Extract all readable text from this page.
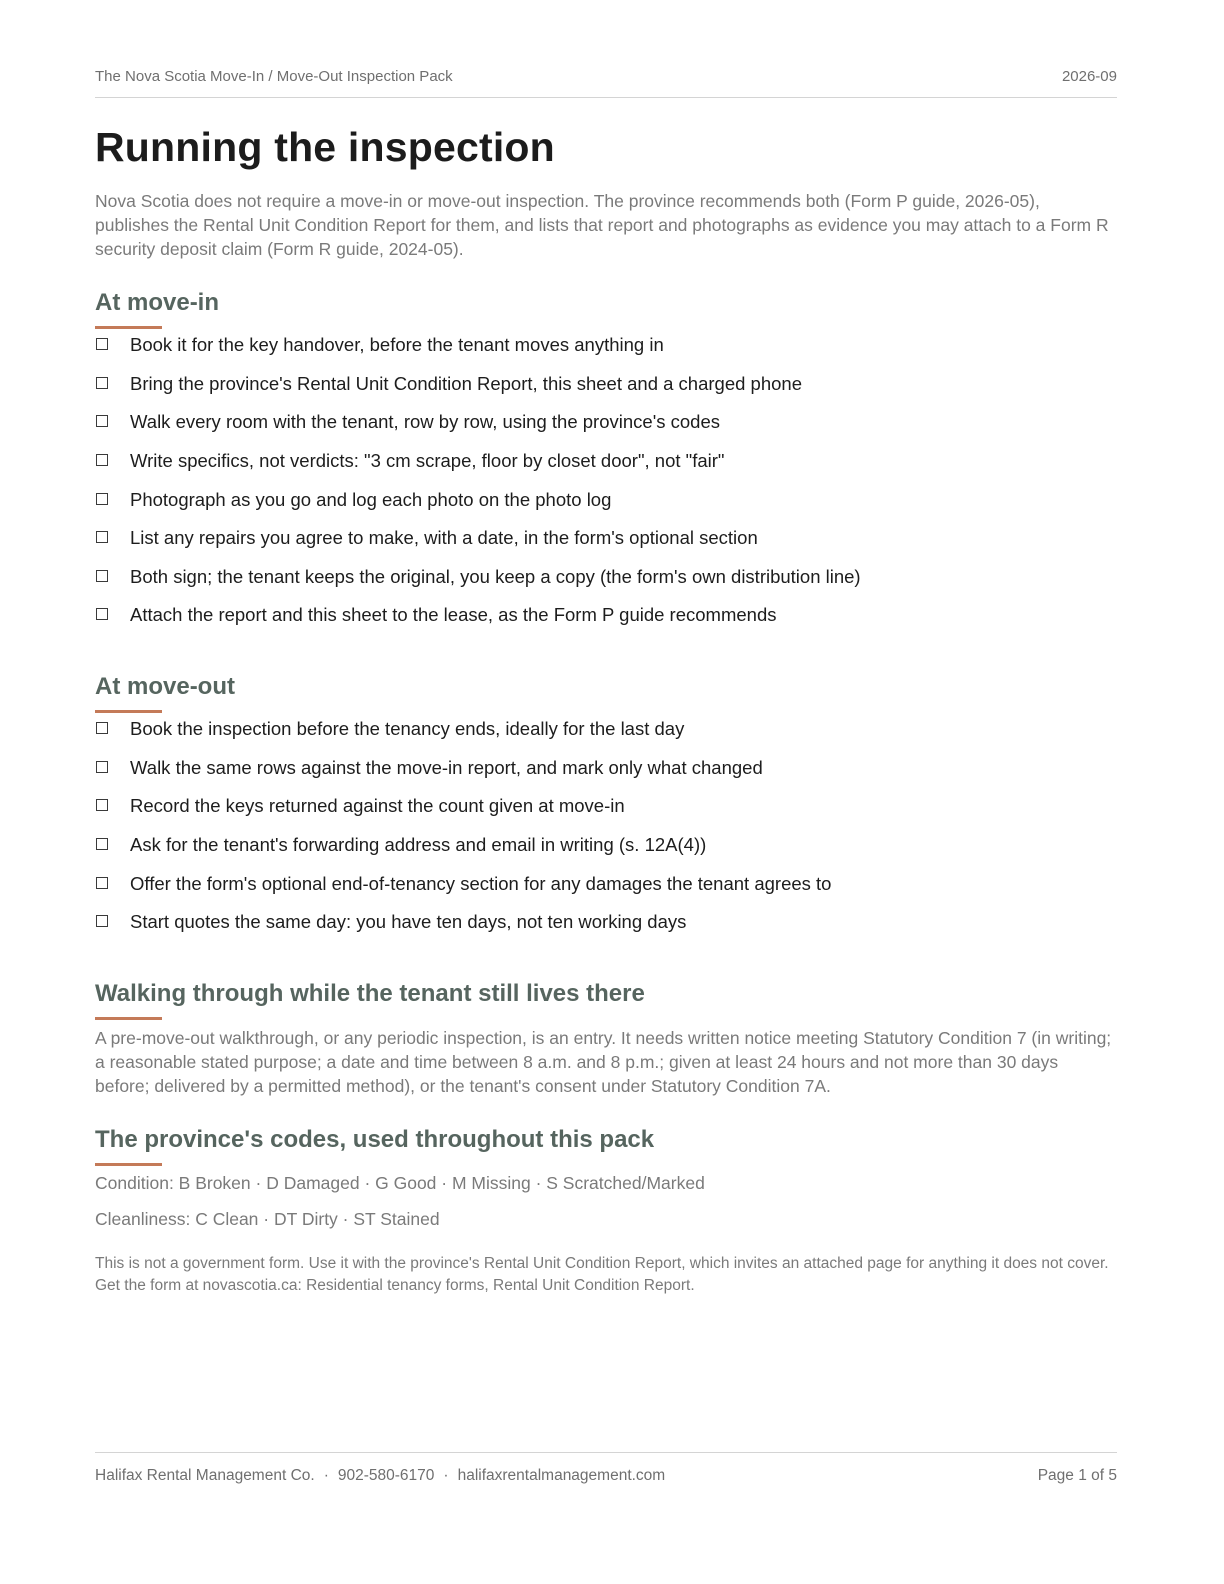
The Nova Scotia Move-In / Move-Out Inspection Pack	2026-09
Running the inspection

Nova Scotia does not require a move-in or move-out inspection. The province recommends both (Form P guide, 2026-05), publishes the Rental Unit Condition Report for them, and lists that report and photographs as evidence you may attach to a Form R security deposit claim (Form R guide, 2024-05).

At move-in
Book it for the key handover, before the tenant moves anything in
Bring the province's Rental Unit Condition Report, this sheet and a charged phone
Walk every room with the tenant, row by row, using the province's codes
Write specifics, not verdicts: "3 cm scrape, floor by closet door", not "fair"
Photograph as you go and log each photo on the photo log
List any repairs you agree to make, with a date, in the form's optional section
Both sign; the tenant keeps the original, you keep a copy (the form's own distribution line)
Attach the report and this sheet to the lease, as the Form P guide recommends
At move-out
Book the inspection before the tenancy ends, ideally for the last day
Walk the same rows against the move-in report, and mark only what changed
Record the keys returned against the count given at move-in
Ask for the tenant's forwarding address and email in writing (s. 12A(4))
Offer the form's optional end-of-tenancy section for any damages the tenant agrees to
Start quotes the same day: you have ten days, not ten working days
Walking through while the tenant still lives there

A pre-move-out walkthrough, or any periodic inspection, is an entry. It needs written notice meeting Statutory Condition 7 (in writing; a reasonable stated purpose; a date and time between 8 a.m. and 8 p.m.; given at least 24 hours and not more than 30 days before; delivered by a permitted method), or the tenant's consent under Statutory Condition 7A.

The province's codes, used throughout this pack

Condition: B Broken · D Damaged · G Good · M Missing · S Scratched/Marked

Cleanliness: C Clean · DT Dirty · ST Stained

This is not a government form. Use it with the province's Rental Unit Condition Report, which invites an attached page for anything it does not cover. Get the form at novascotia.ca: Residential tenancy forms, Rental Unit Condition Report.

Halifax Rental Management Co. · 902-580-6170 · halifaxrentalmanagement.com	Page 1 of 5
